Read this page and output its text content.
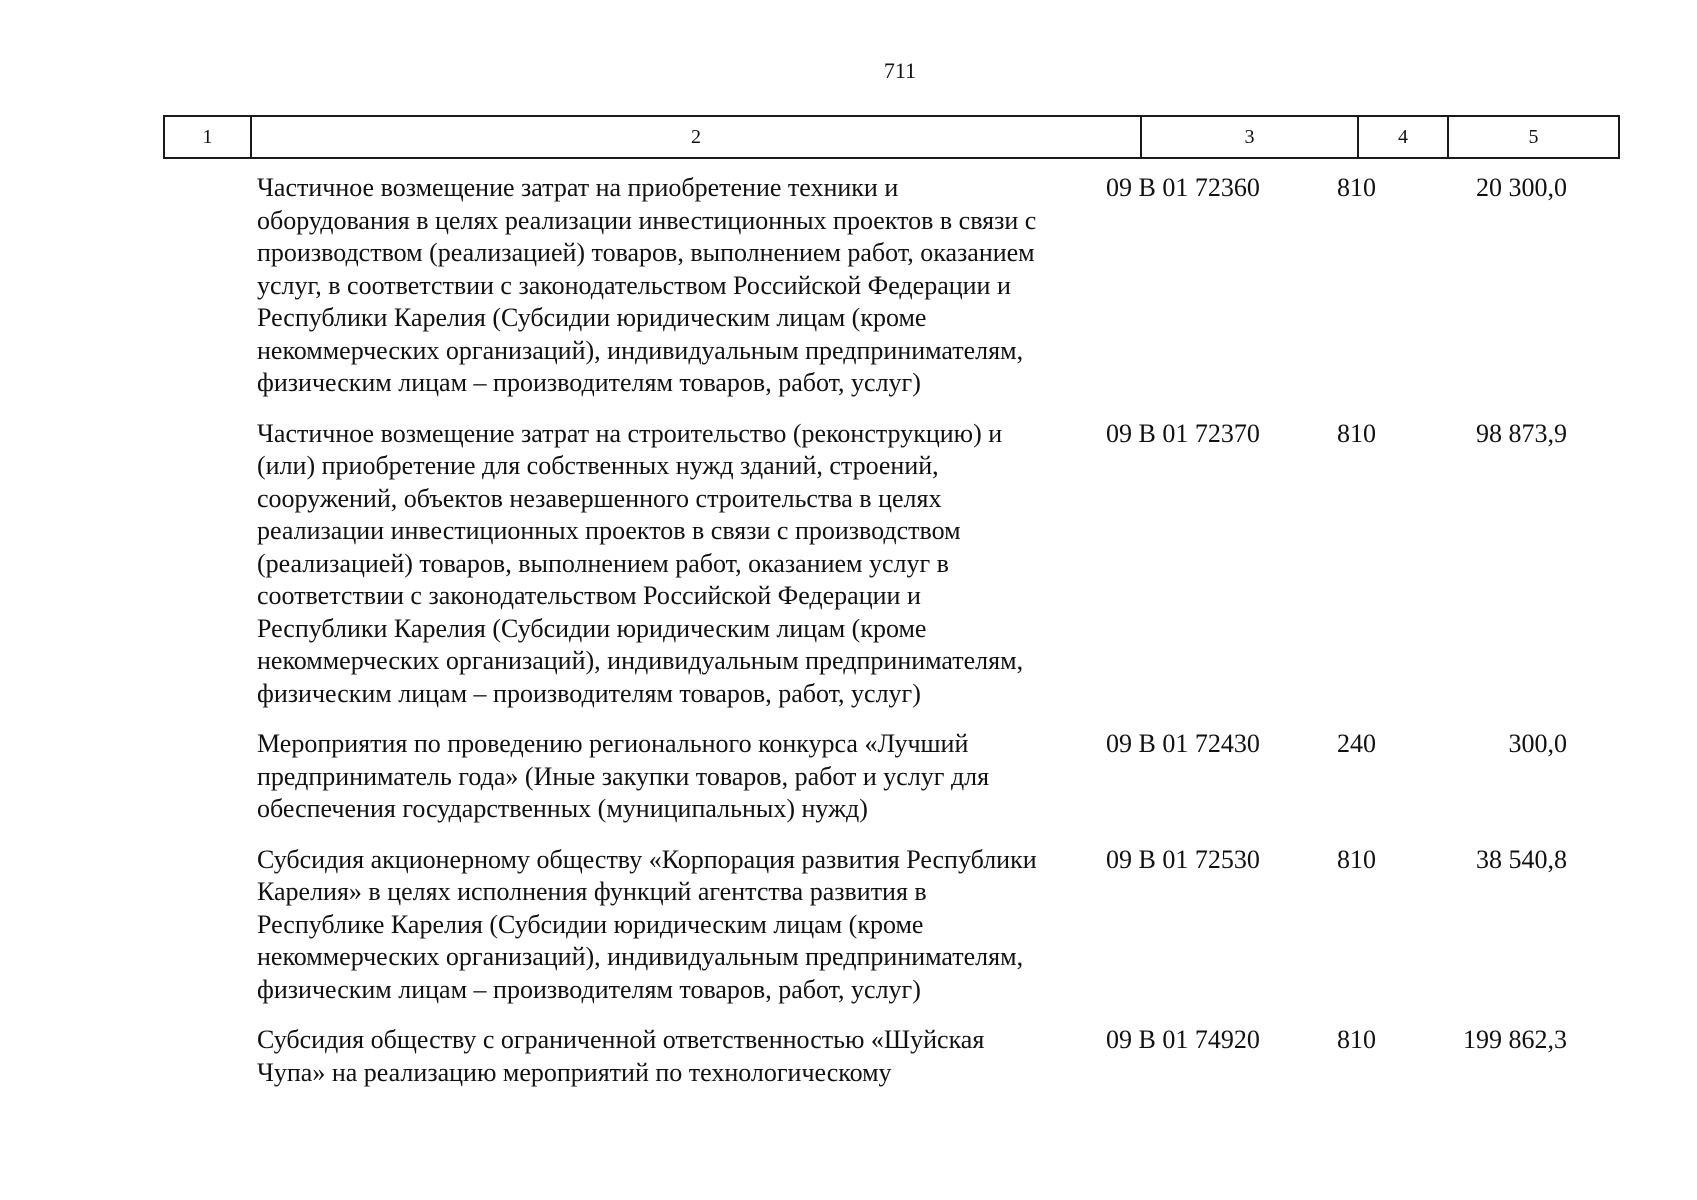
711
1	2	3	4	5
Частичное возмещение затрат на приобретение техники и
оборудования в целях реализации инвестиционных проектов в связи с
производством (реализацией) товаров, выполнением работ, оказанием
услуг, в соответствии с законодательством Российской Федерации и
Республики Карелия (Субсидии юридическим лицам (кроме
некоммерческих организаций), индивидуальным предпринимателям,
физическим лицам – производителям товаров, работ, услуг)
09 В 01 72360	810	20 300,0
Частичное возмещение затрат на строительство (реконструкцию) и
(или) приобретение для собственных нужд зданий, строений,
сооружений, объектов незавершенного строительства в целях
реализации инвестиционных проектов в связи с производством
(реализацией) товаров, выполнением работ, оказанием услуг в
соответствии с законодательством Российской Федерации и
Республики Карелия (Субсидии юридическим лицам (кроме
некоммерческих организаций), индивидуальным предпринимателям,
физическим лицам – производителям товаров, работ, услуг)
09 В 01 72370	810	98 873,9
Мероприятия по проведению регионального конкурса «Лучший
предприниматель года» (Иные закупки товаров, работ и услуг для
обеспечения государственных (муниципальных) нужд)
09 В 01 72430	240	300,0
Субсидия акционерному обществу «Корпорация развития Республики
Карелия» в целях исполнения функций агентства развития в
Республике Карелия (Субсидии юридическим лицам (кроме
некоммерческих организаций), индивидуальным предпринимателям,
физическим лицам – производителям товаров, работ, услуг)
09 В 01 72530	810	38 540,8
Субсидия обществу с ограниченной ответственностью «Шуйская
Чупа» на реализацию мероприятий по технологическому
09 В 01 74920	810	199 862,3
